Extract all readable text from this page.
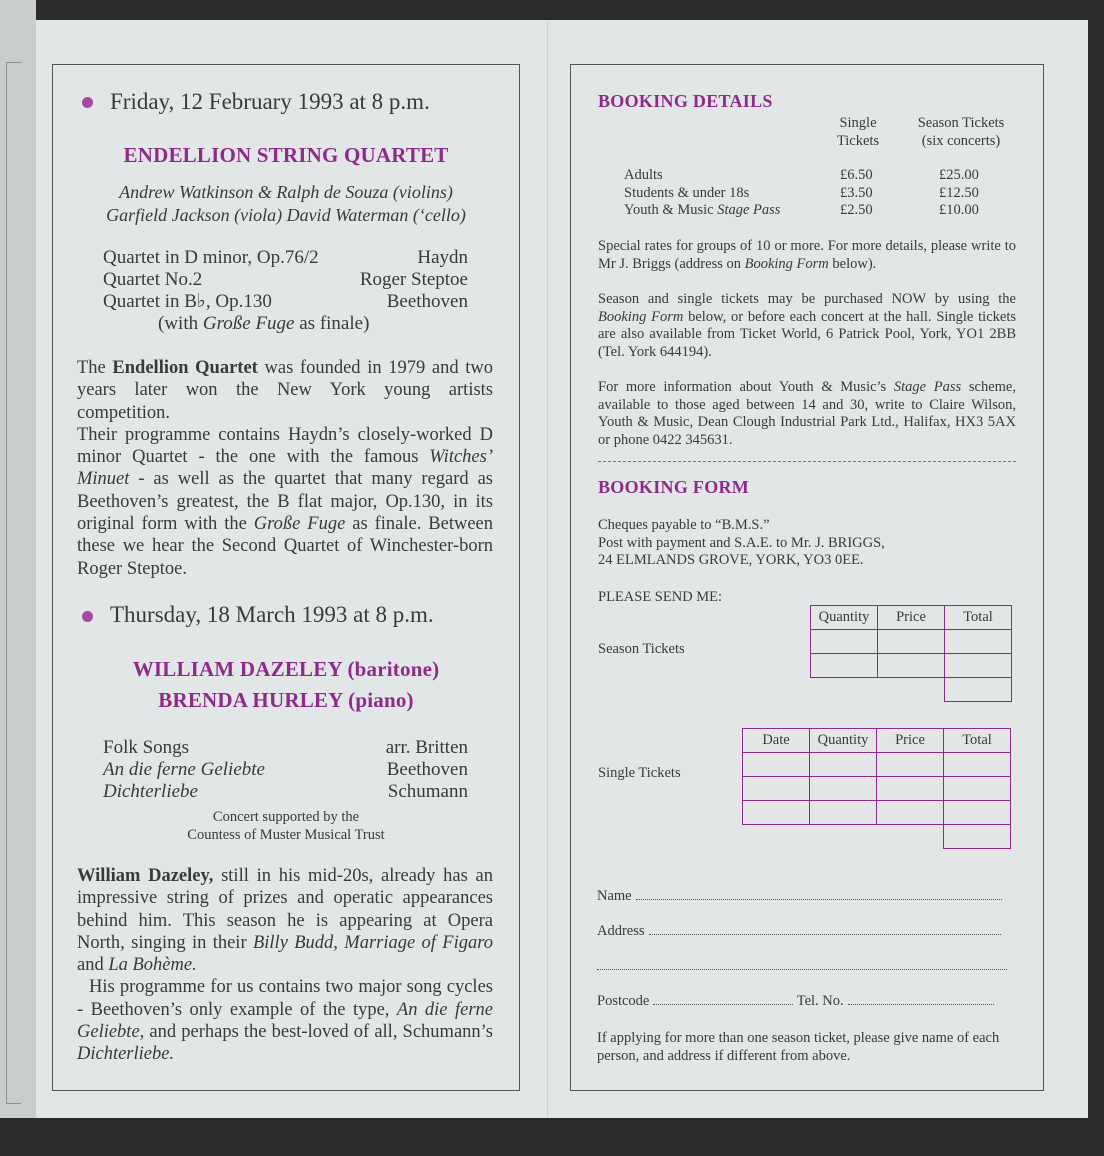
Friday, 12 February 1993 at 8 p.m.
ENDELLION STRING QUARTET
Andrew Watkinson & Ralph de Souza (violins)
Garfield Jackson (viola) David Waterman (‘cello)
Quartet in D minor, Op.76/2	Haydn
Quartet No.2	Roger Steptoe
Quartet in B♭, Op.130	Beethoven
(with Große Fuge as finale)
The Endellion Quartet was founded in 1979 and two years later won the New York young artists competition.
Their programme contains Haydn’s closely-worked D minor Quartet - the one with the famous Witches’ Minuet - as well as the quartet that many regard as Beethoven’s greatest, the B flat major, Op.130, in its original form with the Große Fuge as finale. Between these we hear the Second Quartet of Winchester-born Roger Steptoe.
Thursday, 18 March 1993 at 8 p.m.
WILLIAM DAZELEY (baritone)
BRENDA HURLEY (piano)
Folk Songs	arr. Britten
An die ferne Geliebte	Beethoven
Dichterliebe	Schumann
Concert supported by the
Countess of Muster Musical Trust
William Dazeley, still in his mid-20s, already has an impressive string of prizes and operatic appearances behind him. This season he is appearing at Opera North, singing in their Billy Budd, Marriage of Figaro and La Bohème.
His programme for us contains two major song cycles - Beethoven’s only example of the type, An die ferne Geliebte, and perhaps the best-loved of all, Schumann’s Dichterliebe.
BOOKING DETAILS
Single
Tickets
Season Tickets
(six concerts)
Adults	£6.50	£25.00
Students & under 18s	£3.50	£12.50
Youth & Music Stage Pass	£2.50	£10.00
Special rates for groups of 10 or more. For more details, please write to Mr J. Briggs (address on Booking Form below).
Season and single tickets may be purchased NOW by using the Booking Form below, or before each concert at the hall. Single tickets are also available from Ticket World, 6 Patrick Pool, York, YO1 2BB (Tel. York 644194).
For more information about Youth & Music’s Stage Pass scheme, available to those aged between 14 and 30, write to Claire Wilson, Youth & Music, Dean Clough Industrial Park Ltd., Halifax, HX3 5AX or phone 0422 345631.
BOOKING FORM
Cheques payable to “B.M.S.”
Post with payment and S.A.E. to Mr. J. BRIGGS,
24 ELMLANDS GROVE, YORK, YO3 0EE.
PLEASE SEND ME:
Season Tickets
Quantity	Price	Total

Single Tickets
Date	Quantity	Price	Total

Name
Address
Postcode	Tel. No.
If applying for more than one season ticket, please give name of each person, and address if different from above.
